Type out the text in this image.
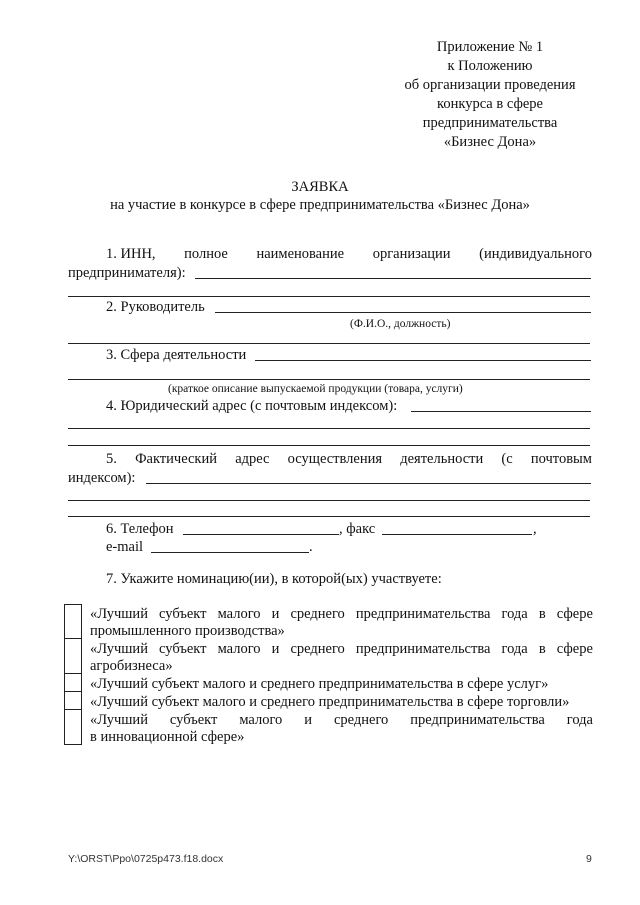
Приложение № 1
к Положению
об организации проведения
конкурса в сфере
предпринимательства
«Бизнес Дона»
ЗАЯВКА
на участие в конкурсе в сфере предпринимательства «Бизнес Дона»
1. ИНН, полное наименование организации (индивидуального
предпринимателя):
2. Руководитель
(Ф.И.О., должность)
3. Сфера деятельности
(краткое описание выпускаемой продукции (товара, услуги)
4. Юридический адрес (с почтовым индексом):
5. Фактический адрес осуществления деятельности (с почтовым
индексом):
6. Телефон	, факс	,
e-mail	.
7. Укажите номинацию(ии), в которой(ых) участвуете:
«Лучший субъект малого и среднего предпринимательства года в сфере
промышленного производства»
«Лучший субъект малого и среднего предпринимательства года в сфере
агробизнеса»
«Лучший субъект малого и среднего предпринимательства в сфере услуг»
«Лучший субъект малого и среднего предпринимательства в сфере торговли»
«Лучший субъект малого и среднего предпринимательства года
в инновационной сфере»
Y:\ORST\Ppo\0725p473.f18.docx	9
